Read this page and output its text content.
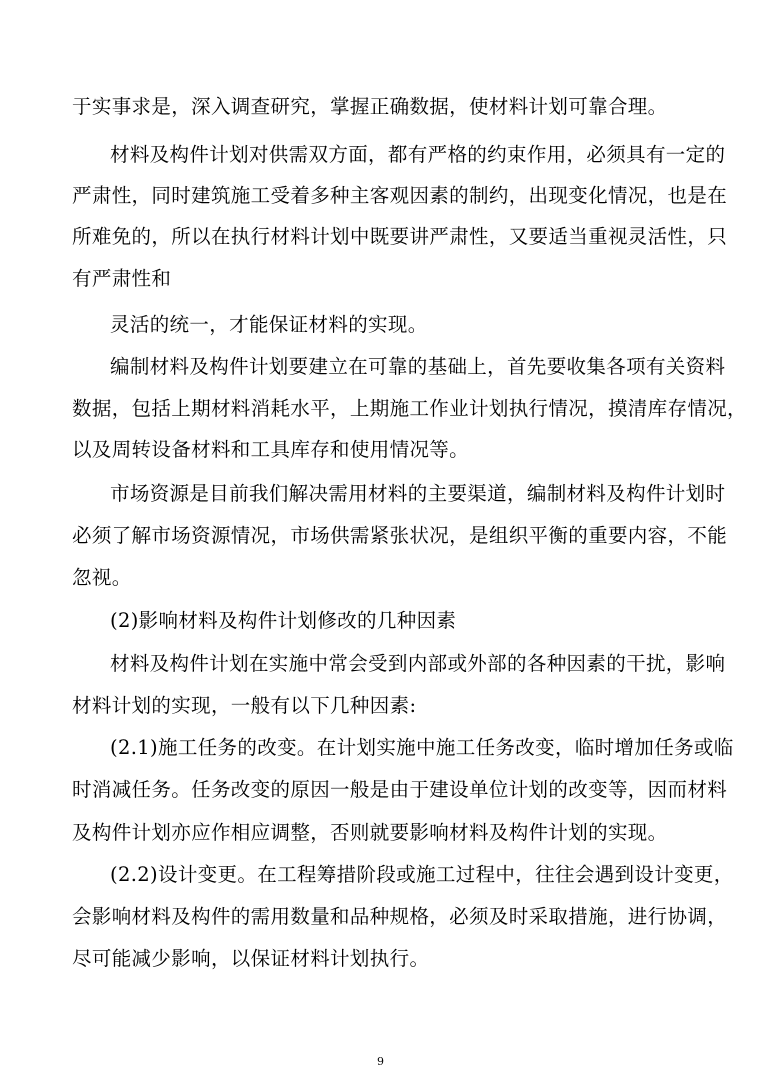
于实事求是，深入调查研究，掌握正确数据，使材料计划可靠合理。
材料及构件计划对供需双方面，都有严格的约束作用，必须具有一定的
严肃性，同时建筑施工受着多种主客观因素的制约，出现变化情况，也是在
所难免的，所以在执行材料计划中既要讲严肃性，又要适当重视灵活性，只
有严肃性和
灵活的统一，才能保证材料的实现。
编制材料及构件计划要建立在可靠的基础上，首先要收集各项有关资料
数据，包括上期材料消耗水平，上期施工作业计划执行情况，摸清库存情况，
以及周转设备材料和工具库存和使用情况等。
市场资源是目前我们解决需用材料的主要渠道，编制材料及构件计划时
必须了解市场资源情况，市场供需紧张状况，是组织平衡的重要内容，不能
忽视。
(2)影响材料及构件计划修改的几种因素
材料及构件计划在实施中常会受到内部或外部的各种因素的干扰，影响
材料计划的实现，一般有以下几种因素:
(2.1)施工任务的改变。在计划实施中施工任务改变，临时增加任务或临
时消减任务。任务改变的原因一般是由于建设单位计划的改变等，因而材料
及构件计划亦应作相应调整，否则就要影响材料及构件计划的实现。
(2.2)设计变更。在工程筹措阶段或施工过程中，往往会遇到设计变更，
会影响材料及构件的需用数量和品种规格，必须及时采取措施，进行协调，
尽可能减少影响，以保证材料计划执行。
9
